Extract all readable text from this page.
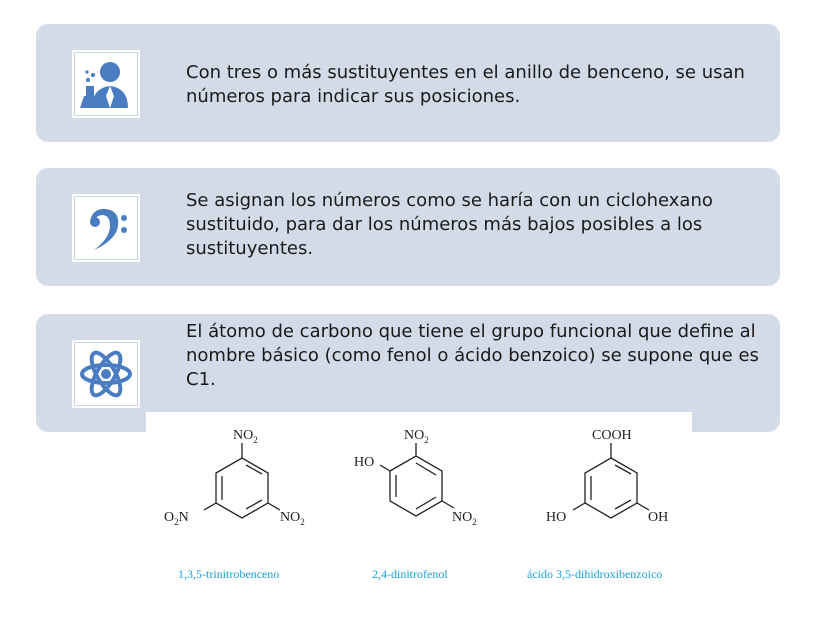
Con tres o más sustituyentes en el anillo de benceno, se usan números para indicar sus posiciones.
Se asignan los números como se haría con un ciclohexano sustituido, para dar los números más bajos posibles a los sustituyentes.
El átomo de carbono que tiene el grupo funcional que define al nombre básico (como fenol o ácido benzoico) se supone que es C1.
$NO_2$
$O_2N$	$NO_2$
HO
$NO_2$
$NO_2$
COOH
HO	OH
1,3,5-trinitrobenceno	2,4-dinitrofenol	ácido 3,5-dihidroxibenzoico
